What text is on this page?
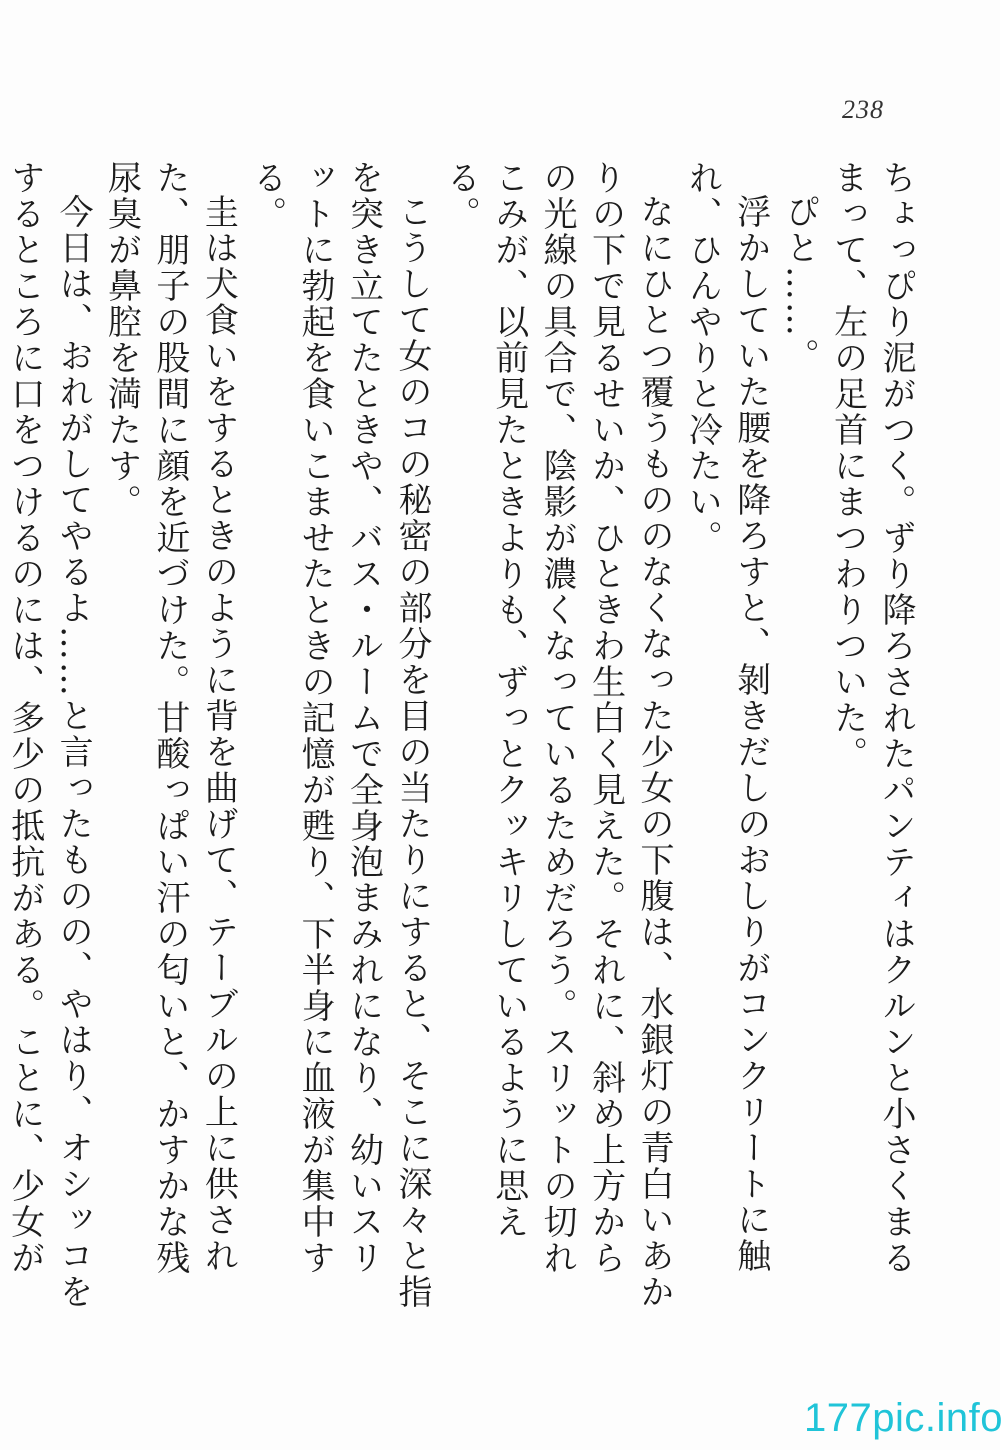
238
ちょっぴり泥がつく。ずり降ろされたパンティはクルンと小さくまるまって、左の足首にまつわりついた。
ぴと……。
浮かしていた腰を降ろすと、剝きだしのおしりがコンクリートに触れ、ひんやりと冷たい。
なにひとつ覆うもののなくなった少女の下腹は、水銀灯の青白いあかりの下で見るせいか、ひときわ生白く見えた。それに、斜め上方からの光線の具合で、陰影が濃くなっているためだろう。スリットの切れこみが、以前見たときよりも、ずっとクッキリしているように思える。
こうして女のコの秘密の部分を目の当たりにすると、そこに深々と指を突き立てたときや、バス・ルームで全身泡まみれになり、幼いスリットに勃起を食いこませたときの記憶が甦り、下半身に血液が集中する。
圭は犬食いをするときのように背を曲げて、テーブルの上に供された、朋子の股間に顔を近づけた。甘酸っぱい汗の匂いと、かすかな残尿臭が鼻腔を満たす。
今日は、おれがしてやるよ……と言ったものの、やはり、オシッコをするところに口をつけるのには、多少の抵抗がある。ことに、少女が
177pic.info
